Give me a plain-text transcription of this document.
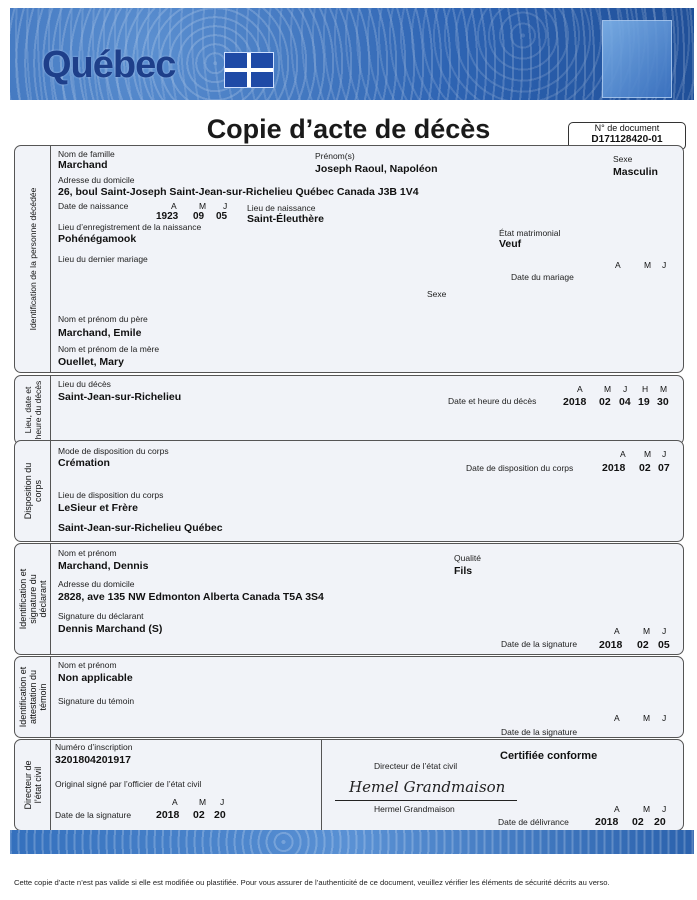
Québec
Copie d’acte de décès	N° de document
D171128420-01
Identification de la personne décédée
Nom de famille
Marchand
Prénom(s)
Joseph Raoul, Napoléon
Sexe
Masculin
Adresse du domicile
26, boul Saint-Joseph Saint-Jean-sur-Richelieu Québec Canada J3B 1V4
Date de naissance	A	M J
1923 09 05
Lieu de naissance
Saint-Éleuthère
Lieu d’enregistrement de la naissance
Pohénégamook	État matrimonial
Veuf
Lieu du dernier mariage
A	M J
Date du mariage
Sexe
Nom et prénom du père
Marchand, Emile
Nom et prénom de la mère
Ouellet, Mary
Lieu, date et heure du décès Lieu du décès
Saint-Jean-sur-Richelieu	Date et heure du décès
A	M J H M
2018 02 04 19 30
Disposition du corps
Mode de disposition du corps
Crémation	Date de disposition du corps
A M J
2018 02 07
Lieu de disposition du corps
LeSieur et Frère
Saint-Jean-sur-Richelieu Québec
Identification et signature du déclarant
Nom et prénom
Marchand, Dennis
Qualité
Fils
Adresse du domicile
2828, ave 135 NW Edmonton Alberta Canada T5A 3S4
Signature du déclarant
Dennis Marchand (S)	A	M J
Date de la signature 2018 02 05
Identification et attestation du témoin
Nom et prénom
Non applicable
Signature du témoin
A	M J
Date de la signature
Directeur de l’état civil
Numéro d’inscription
3201804201917
Original signé par l’officier de l’état civil
A	M J
Date de la signature 2018 02 20
Certifiée conforme
Directeur de l’état civil
Hemel Grandmaison
Hermel Grandmaison	A	M J
Date de délivrance 2018 02 20
Cette copie d’acte n’est pas valide si elle est modifiée ou plastifiée. Pour vous assurer de l’authenticité de ce document, veuillez vérifier les éléments de sécurité décrits au verso.
